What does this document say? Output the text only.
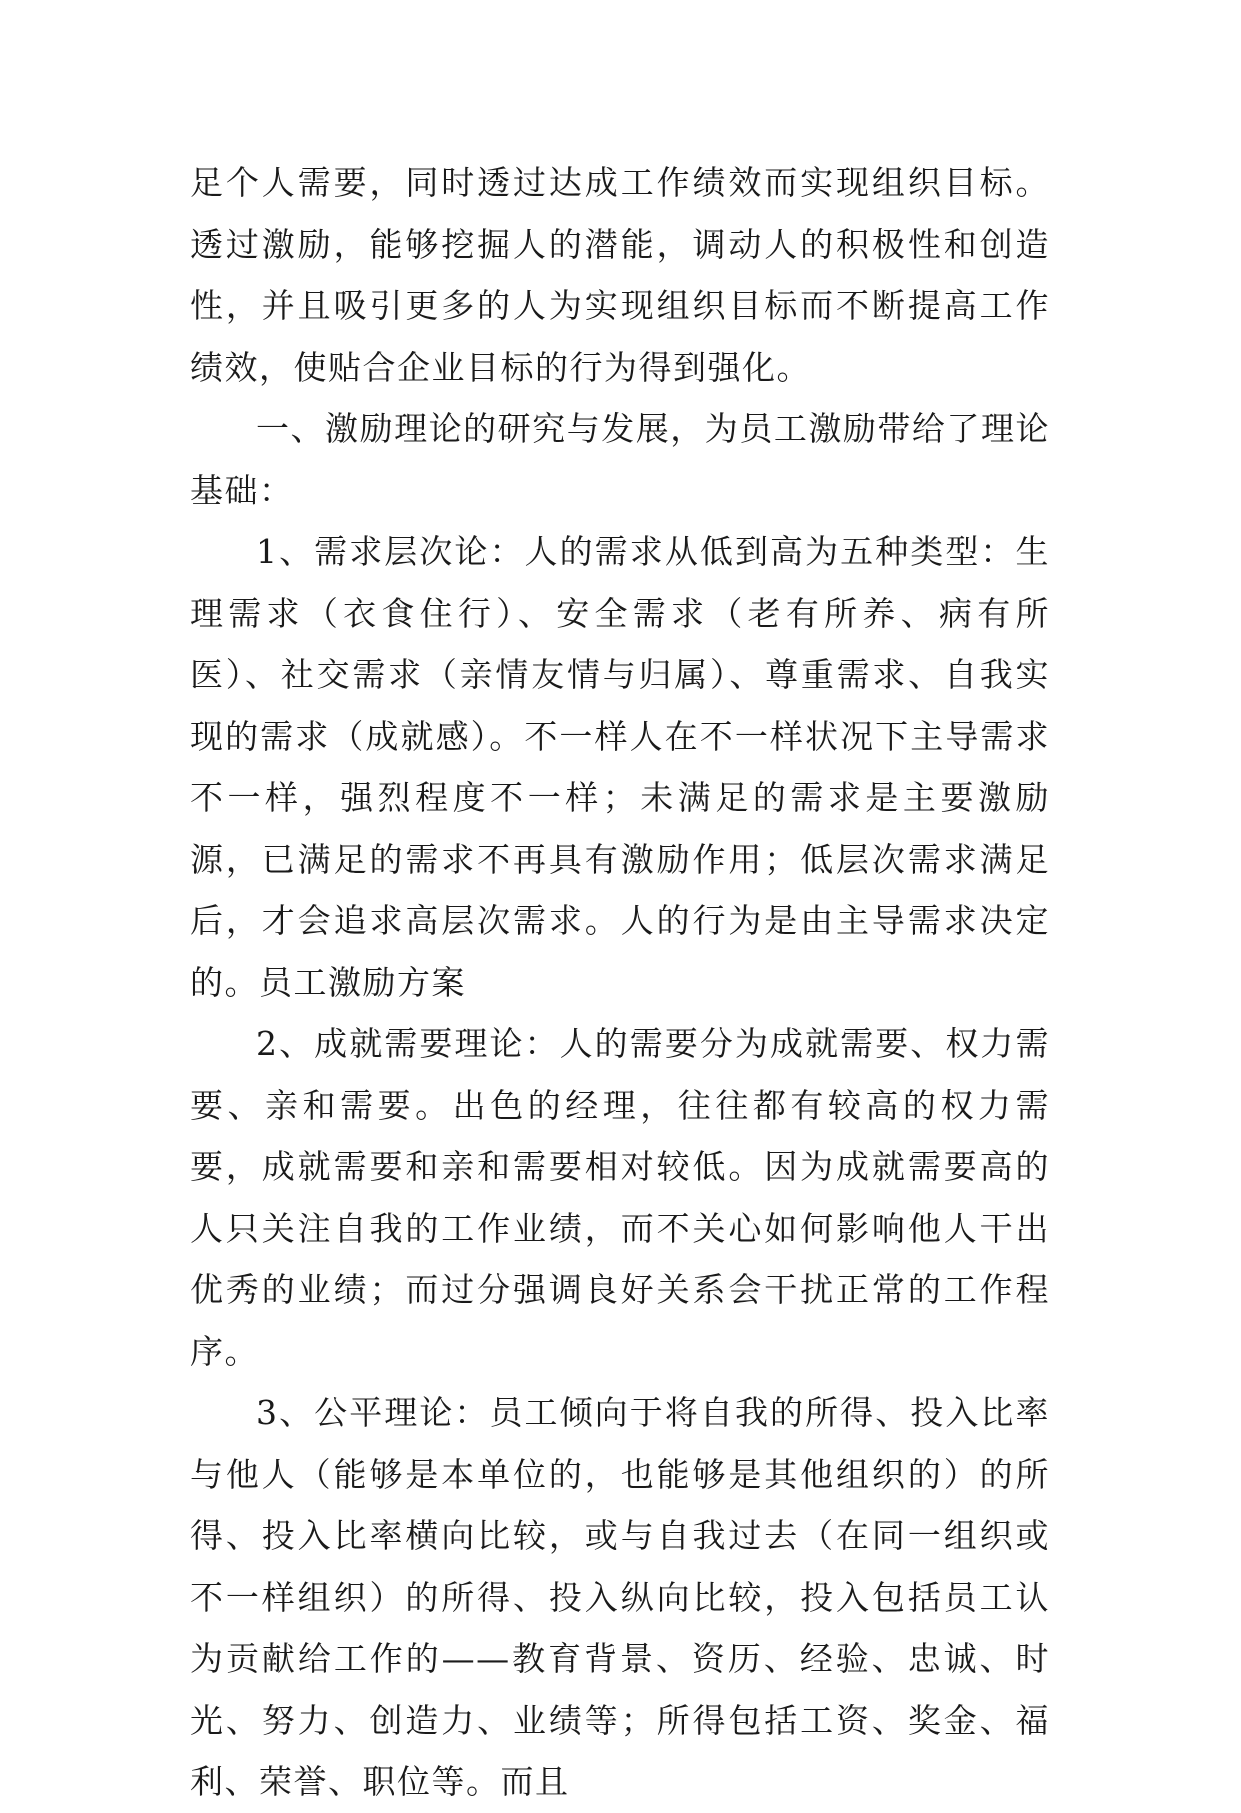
足个人需要，同时透过达成工作绩效而实现组织目标。透过激励，能够挖掘人的潜能，调动人的积极性和创造性，并且吸引更多的人为实现组织目标而不断提高工作绩效，使贴合企业目标的行为得到强化。

一、激励理论的研究与发展，为员工激励带给了理论基础：

1、需求层次论：人的需求从低到高为五种类型：生理需求（衣食住行）、安全需求（老有所养、病有所医）、社交需求（亲情友情与归属）、尊重需求、自我实现的需求（成就感）。不一样人在不一样状况下主导需求不一样，强烈程度不一样；未满足的需求是主要激励源，已满足的需求不再具有激励作用；低层次需求满足后，才会追求高层次需求。人的行为是由主导需求决定的。员工激励方案

2、成就需要理论：人的需要分为成就需要、权力需要、亲和需要。出色的经理，往往都有较高的权力需要，成就需要和亲和需要相对较低。因为成就需要高的人只关注自我的工作业绩，而不关心如何影响他人干出优秀的业绩；而过分强调良好关系会干扰正常的工作程序。

3、公平理论：员工倾向于将自我的所得、投入比率与他人（能够是本单位的，也能够是其他组织的）的所得、投入比率横向比较，或与自我过去（在同一组织或不一样组织）的所得、投入纵向比较，投入包括员工认为贡献给工作的——教育背景、资历、经验、忠诚、时光、努力、创造力、业绩等；所得包括工资、奖金、福利、荣誉、职位等。而且
